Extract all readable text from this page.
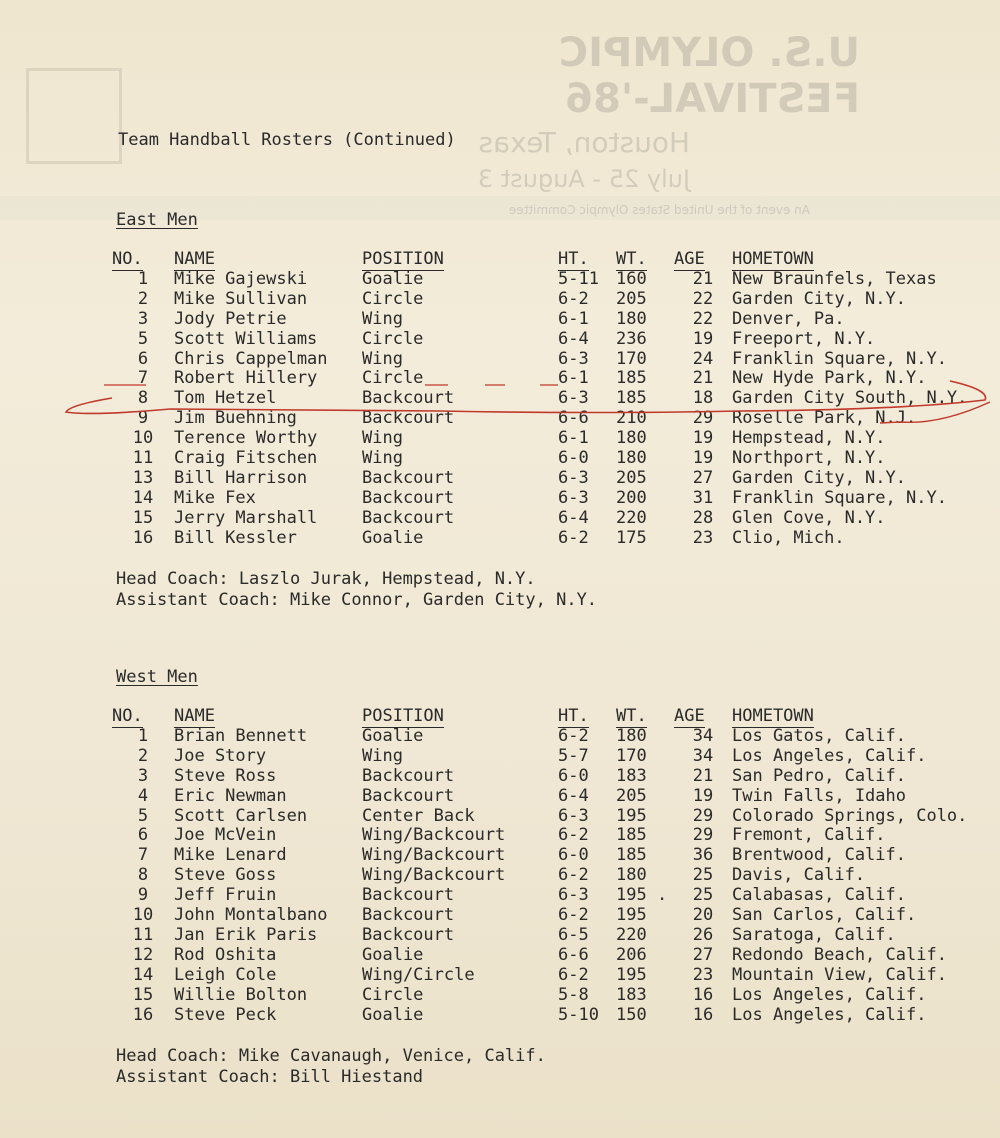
U.S. OLYMPIC FESTIVAL-'86
Houston, Texas
July 25 - August 3
An event of the United States Olympic Committee
Team Handball Rosters (Continued)
East Men
NO.	NAME	POSITION	HT.	WT.	AGE	HOMETOWN
1	Mike Gajewski	Goalie	5-11	160	21	New Braunfels, Texas
2	Mike Sullivan	Circle	6-2	205	22	Garden City, N.Y.
3	Jody Petrie	Wing	6-1	180	22	Denver, Pa.
5	Scott Williams	Circle	6-4	236	19	Freeport, N.Y.
6	Chris Cappelman	Wing	6-3	170	24	Franklin Square, N.Y.
7	Robert Hillery	Circle	6-1	185	21	New Hyde Park, N.Y.
8	Tom Hetzel	Backcourt	6-3	185	18	Garden City South, N.Y.
9	Jim Buehning	Backcourt	6-6	210	29	Roselle Park, N.J.
10	Terence Worthy	Wing	6-1	180	19	Hempstead, N.Y.
11	Craig Fitschen	Wing	6-0	180	19	Northport, N.Y.
13	Bill Harrison	Backcourt	6-3	205	27	Garden City, N.Y.
14	Mike Fex	Backcourt	6-3	200	31	Franklin Square, N.Y.
15	Jerry Marshall	Backcourt	6-4	220	28	Glen Cove, N.Y.
16	Bill Kessler	Goalie	6-2	175	23	Clio, Mich.
Head Coach: Laszlo Jurak, Hempstead, N.Y.
Assistant Coach: Mike Connor, Garden City, N.Y.
West Men
NO.	NAME	POSITION	HT.	WT.	AGE	HOMETOWN
1	Brian Bennett	Goalie	6-2	180	34	Los Gatos, Calif.
2	Joe Story	Wing	5-7	170	34	Los Angeles, Calif.
3	Steve Ross	Backcourt	6-0	183	21	San Pedro, Calif.
4	Eric Newman	Backcourt	6-4	205	19	Twin Falls, Idaho
5	Scott Carlsen	Center Back	6-3	195	29	Colorado Springs, Colo.
6	Joe McVein	Wing/Backcourt	6-2	185	29	Fremont, Calif.
7	Mike Lenard	Wing/Backcourt	6-0	185	36	Brentwood, Calif.
8	Steve Goss	Wing/Backcourt	6-2	180	25	Davis, Calif.
9	Jeff Fruin	Backcourt	6-3	195 .	25	Calabasas, Calif.
10	John Montalbano	Backcourt	6-2	195	20	San Carlos, Calif.
11	Jan Erik Paris	Backcourt	6-5	220	26	Saratoga, Calif.
12	Rod Oshita	Goalie	6-6	206	27	Redondo Beach, Calif.
14	Leigh Cole	Wing/Circle	6-2	195	23	Mountain View, Calif.
15	Willie Bolton	Circle	5-8	183	16	Los Angeles, Calif.
16	Steve Peck	Goalie	5-10	150	16	Los Angeles, Calif.
Head Coach: Mike Cavanaugh, Venice, Calif.
Assistant Coach: Bill Hiestand
